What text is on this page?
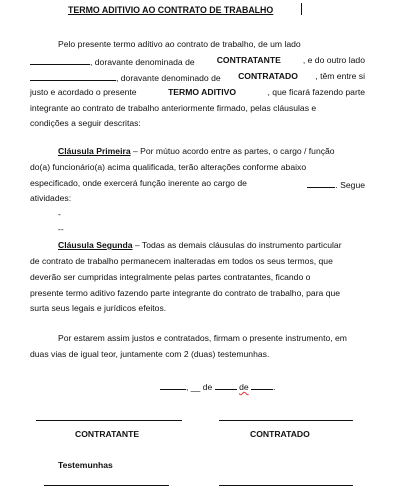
TERMO ADITIVIO AO CONTRATO DE TRABALHO
Pelo presente termo aditivo ao contrato de trabalho, de um lado
, doravante denominada de	CONTRATANTE	, e do outro lado
, doravante denominado de CONTRATADO , têm entre si
justo e acordado o presente	TERMO ADITIVO	, que ficará fazendo parte
integrante ao contrato de trabalho anteriormente firmado, pelas cláusulas e
condições a seguir descritas:
Cláusula Primeira – Por mútuo acordo entre as partes, o cargo / função
do(a) funcionário(a) acima qualificada, terão alterações conforme abaixo
especificado, onde exercerá função inerente ao cargo de	. Segue
atividades:
-
--
Cláusula Segunda – Todas as demais cláusulas do instrumento particular
de contrato de trabalho permanecem inalteradas em todos os seus termos, que
deverão ser cumpridas integralmente pelas partes contratantes, ficando o
presente termo aditivo fazendo parte integrante do contrato de trabalho, para que
surta seus legais e jurídicos efeitos.
Por estarem assim justos e contratados, firmam o presente instrumento, em
duas vias de igual teor, juntamente com 2 (duas) testemunhas.
, __ de	de	.
CONTRATANTE	CONTRATADO
Testemunhas
